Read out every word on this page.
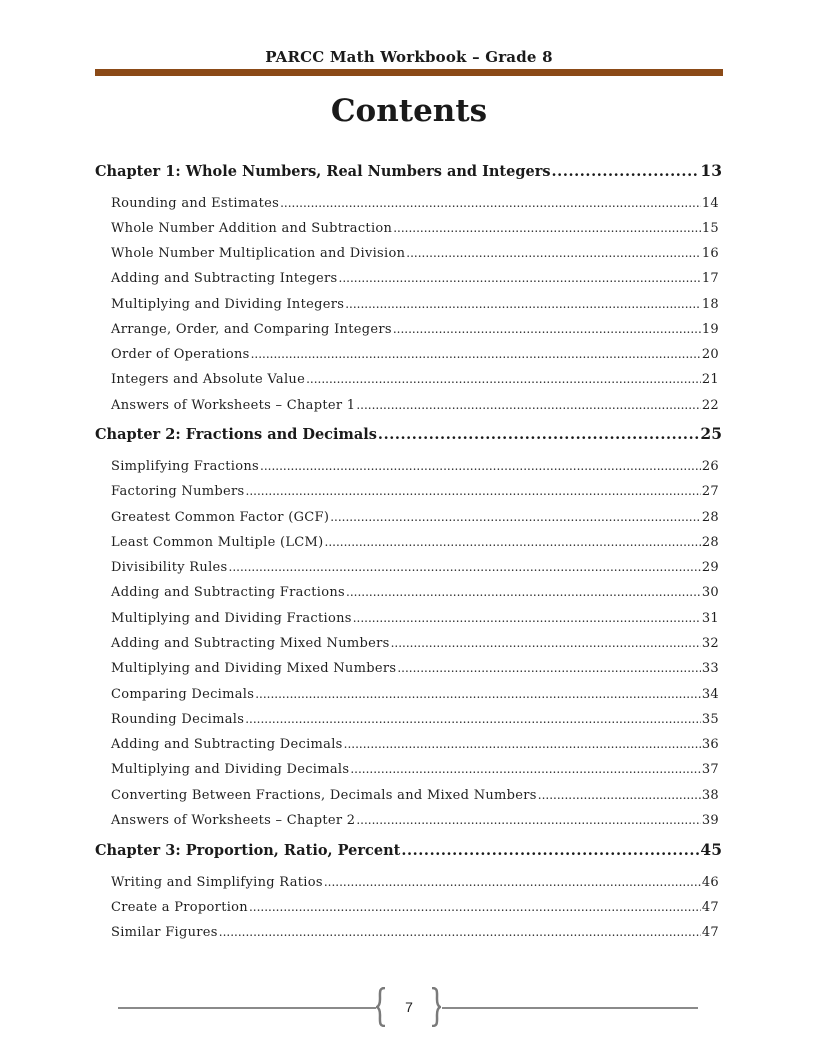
PARCC Math Workbook – Grade 8
Contents
Chapter 1: Whole Numbers, Real Numbers and Integers .....	13
Rounding and Estimates .....	14
Whole Number Addition and Subtraction .....	15
Whole Number Multiplication and Division .....	16
Adding and Subtracting Integers .....	17
Multiplying and Dividing Integers .....	18
Arrange, Order, and Comparing Integers .....	19
Order of Operations .....	20
Integers and Absolute Value .....	21
Answers of Worksheets – Chapter 1 .....	22
Chapter 2: Fractions and Decimals .....	25
Simplifying Fractions .....	26
Factoring Numbers .....	27
Greatest Common Factor (GCF) .....	28
Least Common Multiple (LCM) .....	28
Divisibility Rules .....	29
Adding and Subtracting Fractions .....	30
Multiplying and Dividing Fractions .....	31
Adding and Subtracting Mixed Numbers .....	32
Multiplying and Dividing Mixed Numbers .....	33
Comparing Decimals .....	34
Rounding Decimals .....	35
Adding and Subtracting Decimals .....	36
Multiplying and Dividing Decimals .....	37
Converting Between Fractions, Decimals and Mixed Numbers .....	38
Answers of Worksheets – Chapter 2 .....	39
Chapter 3: Proportion, Ratio, Percent .....	45
Writing and Simplifying Ratios .....	46
Create a Proportion .....	47
Similar Figures .....	47
7
